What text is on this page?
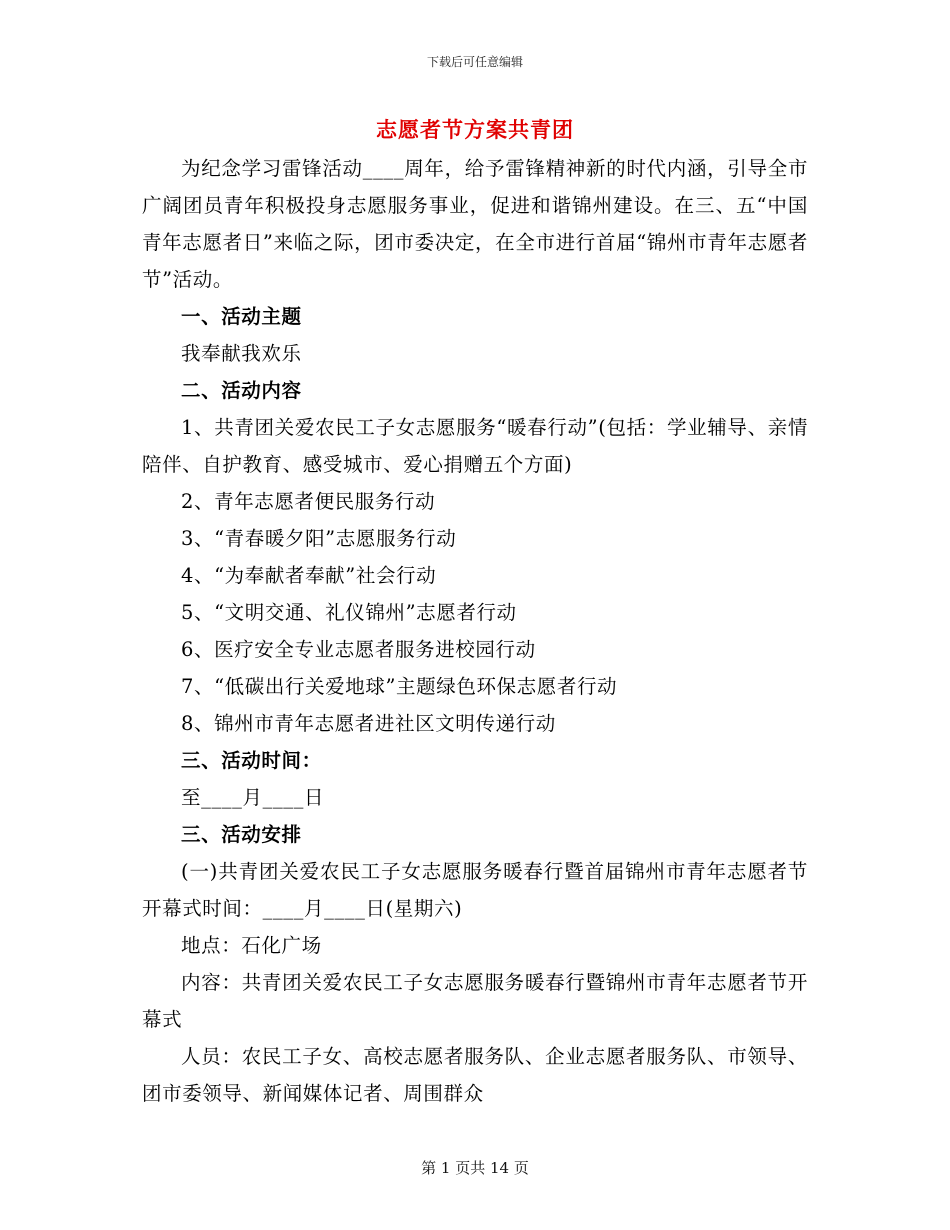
下载后可任意编辑
志愿者节方案共青团

为纪念学习雷锋活动____周年，给予雷锋精神新的时代内涵，引导全市广阔团员青年积极投身志愿服务事业，促进和谐锦州建设。在三、五“中国青年志愿者日”来临之际，团市委决定，在全市进行首届“锦州市青年志愿者节”活动。

一、活动主题

我奉献我欢乐

二、活动内容

1、共青团关爱农民工子女志愿服务“暖春行动”(包括：学业辅导、亲情陪伴、自护教育、感受城市、爱心捐赠五个方面)

2、青年志愿者便民服务行动

3、“青春暖夕阳”志愿服务行动

4、“为奉献者奉献”社会行动

5、“文明交通、礼仪锦州”志愿者行动

6、医疗安全专业志愿者服务进校园行动

7、“低碳出行关爱地球”主题绿色环保志愿者行动

8、锦州市青年志愿者进社区文明传递行动

三、活动时间：

至____月____日

三、活动安排

(一)共青团关爱农民工子女志愿服务暖春行暨首届锦州市青年志愿者节开幕式时间：____月____日(星期六)

地点：石化广场

内容：共青团关爱农民工子女志愿服务暖春行暨锦州市青年志愿者节开幕式

人员：农民工子女、高校志愿者服务队、企业志愿者服务队、市领导、团市委领导、新闻媒体记者、周围群众

第 1 页共 14 页
